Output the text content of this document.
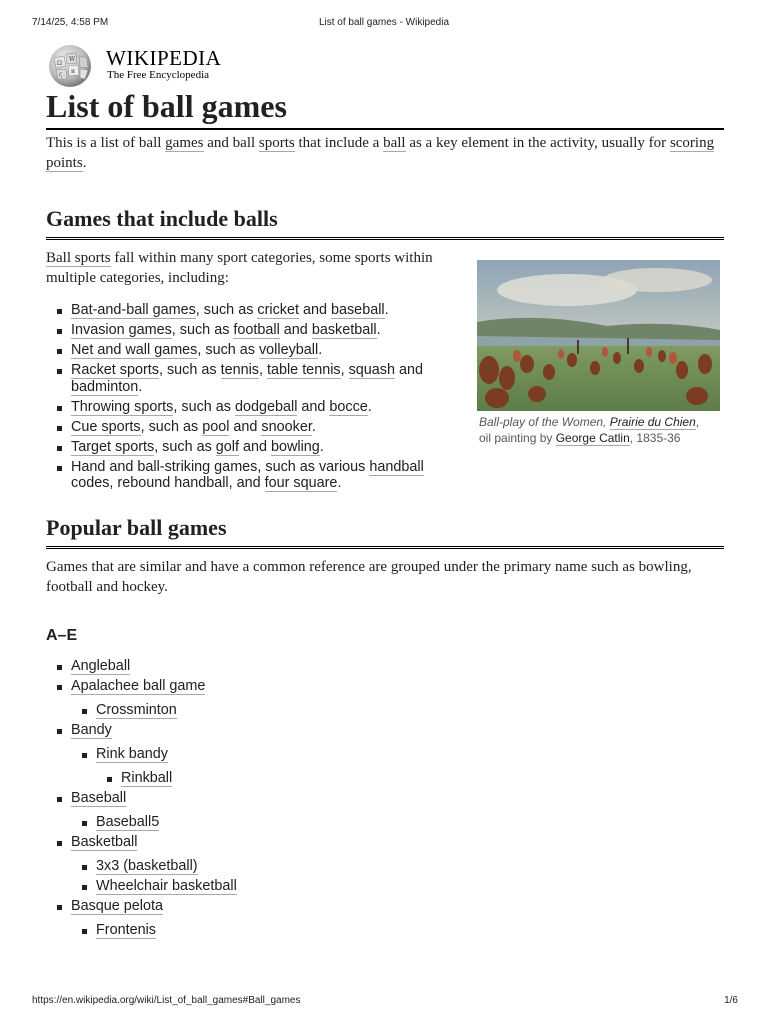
7/14/25, 4:58 PM	List of ball games - Wikipedia
Ω
W
и
ς
WIKIPEDIA
The Free Encyclopedia
List of ball games

This is a list of ball games and ball sports that include a ball as a key element in the activity, usually for scoring points.

Games that include balls

Ball sports fall within many sport categories, some sports within multiple categories, including:

Bat-and-ball games, such as cricket and baseball.
Invasion games, such as football and basketball.
Net and wall games, such as volleyball.
Racket sports, such as tennis, table tennis, squash and badminton.
Throwing sports, such as dodgeball and bocce.
Cue sports, such as pool and snooker.
Target sports, such as golf and bowling.
Hand and ball-striking games, such as various handball codes, rebound handball, and four square.
Ball-play of the Women, Prairie du Chien,
oil painting by George Catlin, 1835-36
Popular ball games

Games that are similar and have a common reference are grouped under the primary name such as bowling, football and hockey.

A–E
Angleball
Apalachee ball game
Crossminton
Bandy
Rink bandy
Rinkball
Baseball
Baseball5
Basketball
3x3 (basketball)
Wheelchair basketball
Basque pelota
Frontenis
https://en.wikipedia.org/wiki/List_of_ball_games#Ball_games	1/6
